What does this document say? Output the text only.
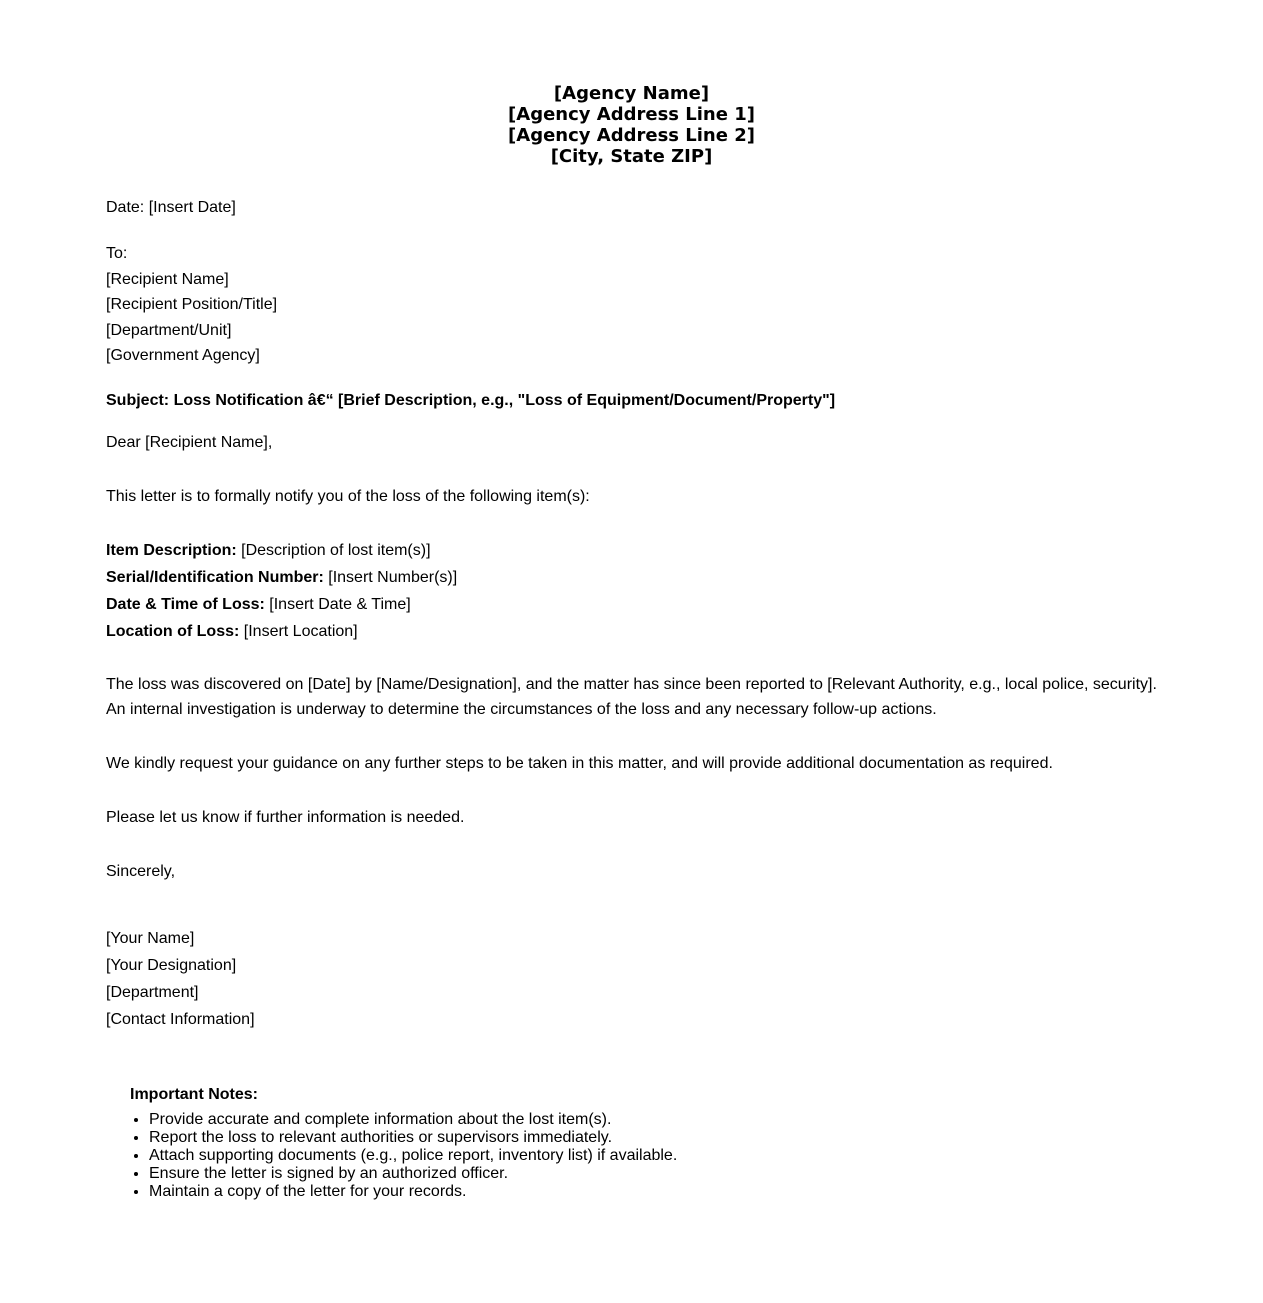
[Agency Name]
[Agency Address Line 1]
[Agency Address Line 2]
[City, State ZIP]
Date: [Insert Date]
To:
[Recipient Name]
[Recipient Position/Title]
[Department/Unit]
[Government Agency]
Subject: Loss Notification â€“ [Brief Description, e.g., "Loss of Equipment/Document/Property"]
Dear [Recipient Name],
This letter is to formally notify you of the loss of the following item(s):
Item Description: [Description of lost item(s)]
Serial/Identification Number: [Insert Number(s)]
Date & Time of Loss: [Insert Date & Time]
Location of Loss: [Insert Location]
The loss was discovered on [Date] by [Name/Designation], and the matter has since been reported to [Relevant Authority, e.g., local police, security].
An internal investigation is underway to determine the circumstances of the loss and any necessary follow-up actions.
We kindly request your guidance on any further steps to be taken in this matter, and will provide additional documentation as required.
Please let us know if further information is needed.
Sincerely,
[Your Name]
[Your Designation]
[Department]
[Contact Information]
Important Notes:
• Provide accurate and complete information about the lost item(s).
• Report the loss to relevant authorities or supervisors immediately.
• Attach supporting documents (e.g., police report, inventory list) if available.
• Ensure the letter is signed by an authorized officer.
• Maintain a copy of the letter for your records.
